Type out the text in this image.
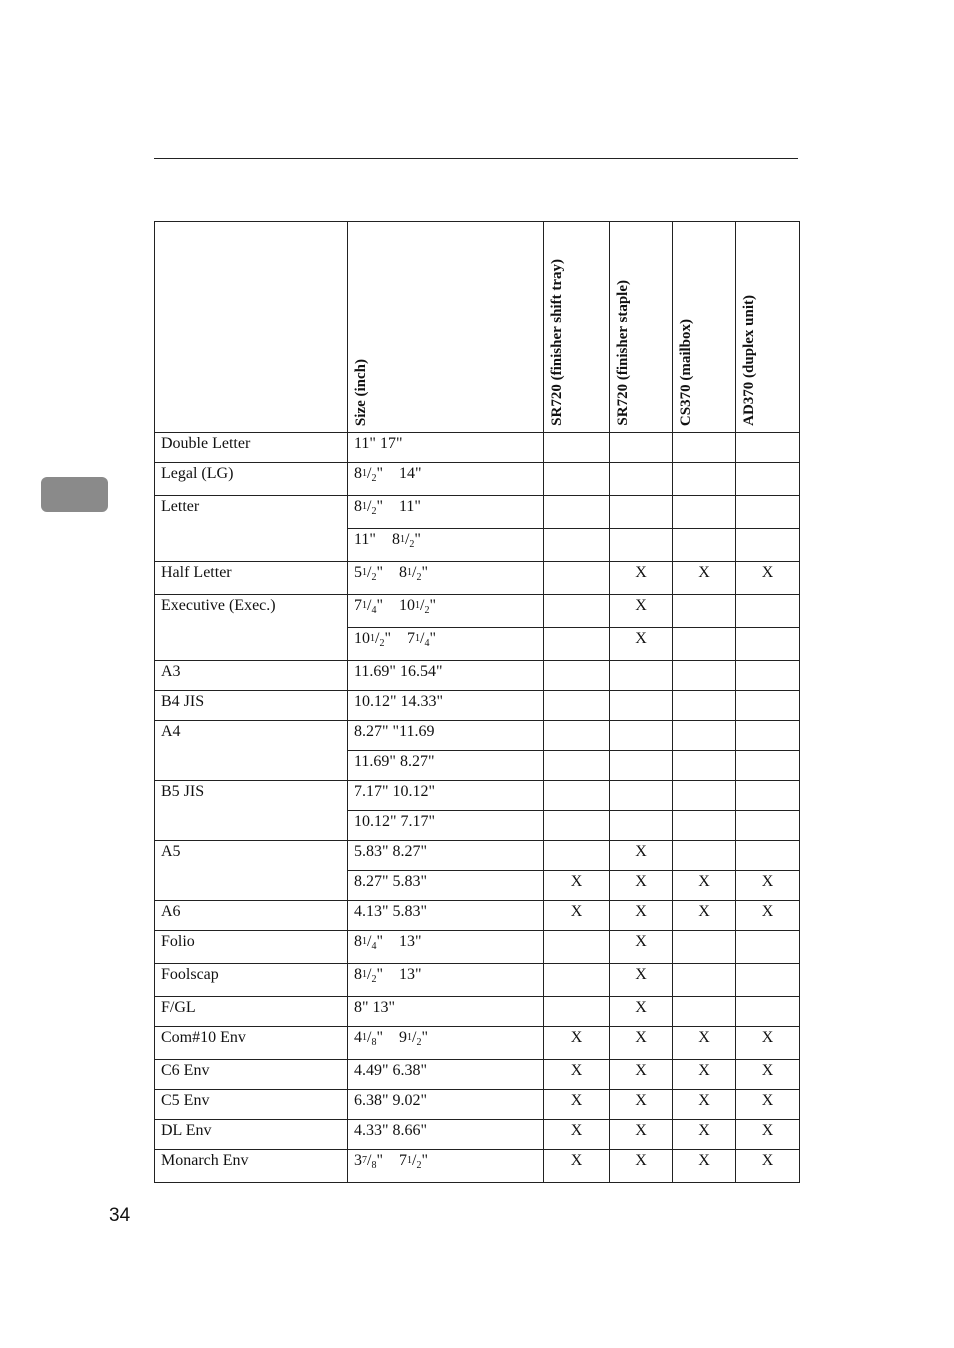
	Size (inch)	SR720 (finisher shift tray)	SR720 (finisher staple)	CS370 (mailbox)	AD370 (duplex unit)

Double Letter	11" 17"				
Legal (LG)	$8^1/_2$"    14"				
Letter	$8^1/_2$"    11"				
	11" $8^1/_2$"				
Half Letter	$5^1/_2$"    $8^1/_2$"		X	X	X
Executive (Exec.)	$7^1/_4$"    $10^1/_2$"		X		
	$10^1/_2$"    $7^1/_4$"		X		
A3	11.69" 16.54"				
B4 JIS	10.12" 14.33"				
A4	8.27" "11.69				
	11.69" 8.27"				
B5 JIS	7.17" 10.12"				
	10.12" 7.17"				
A5	5.83" 8.27"		X		
	8.27" 5.83"	X	X	X	X
A6	4.13" 5.83"	X	X	X	X
Folio	$8^1/_4$"    13"		X		
Foolscap	$8^1/_2$"    13"		X		
F/GL	8" 13"		X		
Com#10 Env	$4^1/_8$"    $9^1/_2$"	X	X	X	X
C6 Env	4.49" 6.38"	X	X	X	X
C5 Env	6.38" 9.02"	X	X	X	X
DL Env	4.33" 8.66"	X	X	X	X
Monarch Env	$3^7/_8$"    $7^1/_2$"	X	X	X	X
34
